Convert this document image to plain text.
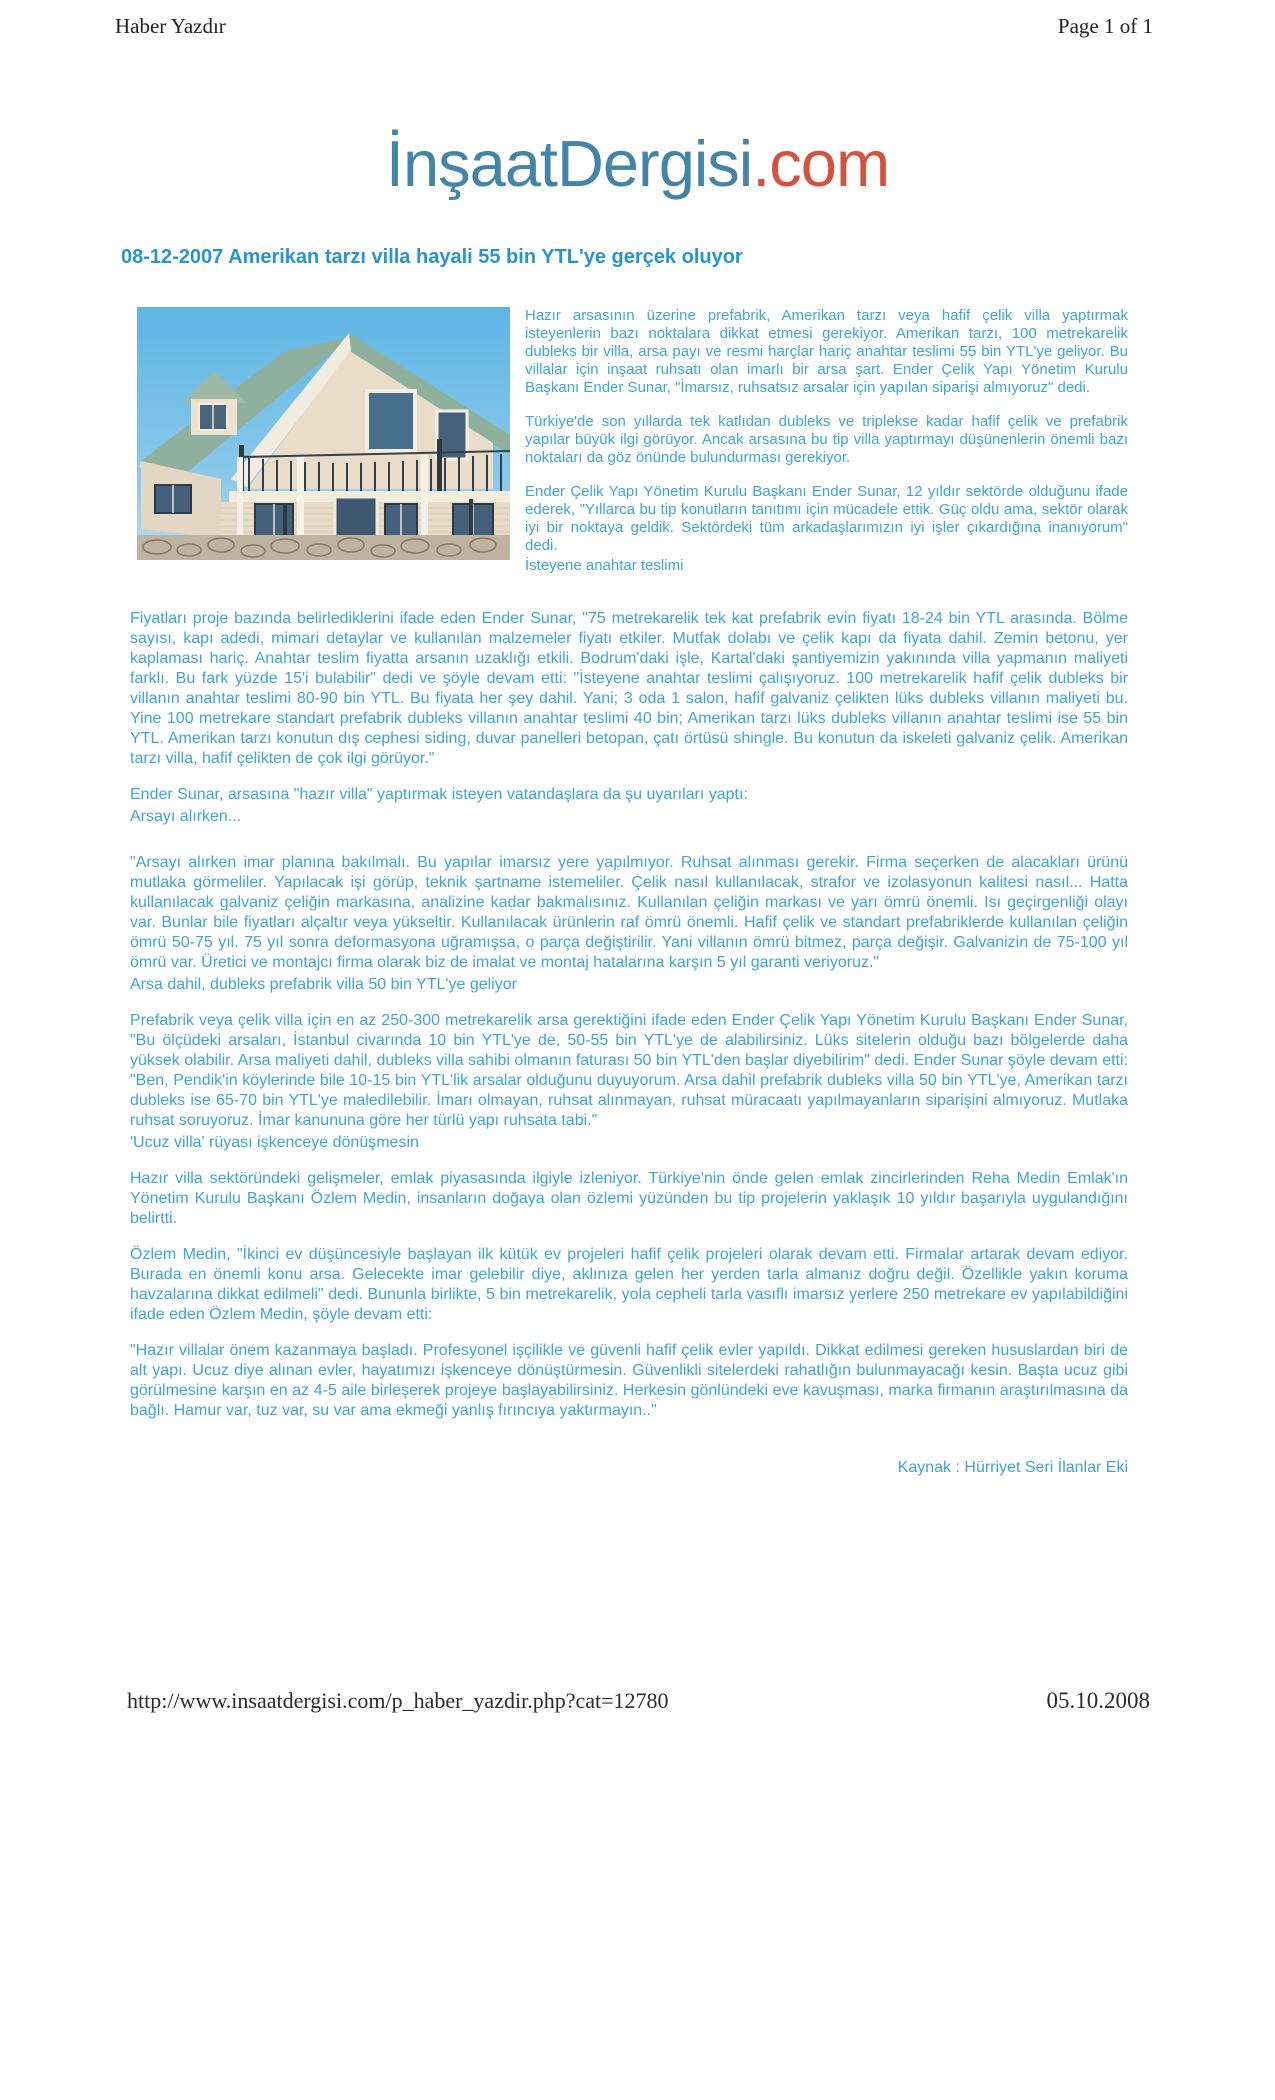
Haber Yazdır	Page 1 of 1
İnşaatDergisi.com
08-12-2007 Amerikan tarzı villa hayali 55 bin YTL'ye gerçek oluyor

Hazır arsasının üzerine prefabrik, Amerikan tarzı veya hafif çelik villa yaptırmak isteyenlerin bazı noktalara dikkat etmesi gerekiyor. Amerikan tarzı, 100 metrekarelik dubleks bir villa, arsa payı ve resmi harçlar hariç anahtar teslimi 55 bin YTL'ye geliyor. Bu villalar için inşaat ruhsatı olan imarlı bir arsa şart. Ender Çelik Yapı Yönetim Kurulu Başkanı Ender Sunar, "İmarsız, ruhsatsız arsalar için yapılan siparişi almıyoruz" dedi.

Türkiye'de son yıllarda tek katlıdan dubleks ve triplekse kadar hafif çelik ve prefabrik yapılar büyük ilgi görüyor. Ancak arsasına bu tip villa yaptırmayı düşünenlerin önemli bazı noktaları da göz önünde bulundurması gerekiyor.

Ender Çelik Yapı Yönetim Kurulu Başkanı Ender Sunar, 12 yıldır sektörde olduğunu ifade ederek, "Yıllarca bu tip konutların tanıtımı için mücadele ettik. Güç oldu ama, sektör olarak iyi bir noktaya geldik. Sektördeki tüm arkadaşlarımızın iyi işler çıkardığına inanıyorum" dedi.

İsteyene anahtar teslimi

Fiyatları proje bazında belirlediklerini ifade eden Ender Sunar, "75 metrekarelik tek kat prefabrik evin fiyatı 18-24 bin YTL arasında. Bölme sayısı, kapı adedi, mimari detaylar ve kullanılan malzemeler fiyatı etkiler. Mutfak dolabı ve çelik kapı da fiyata dahil. Zemin betonu, yer kaplaması hariç. Anahtar teslim fiyatta arsanın uzaklığı etkili. Bodrum'daki işle, Kartal'daki şantiyemizin yakınında villa yapmanın maliyeti farklı. Bu fark yüzde 15'i bulabilir" dedi ve şöyle devam etti: "İsteyene anahtar teslimi çalışıyoruz. 100 metrekarelik hafif çelik dubleks bir villanın anahtar teslimi 80-90 bin YTL. Bu fiyata her şey dahil. Yani; 3 oda 1 salon, hafif galvaniz çelikten lüks dubleks villanın maliyeti bu. Yine 100 metrekare standart prefabrik dubleks villanın anahtar teslimi 40 bin; Amerikan tarzı lüks dubleks villanın anahtar teslimi ise 55 bin YTL. Amerikan tarzı konutun dış cephesi siding, duvar panelleri betopan, çatı örtüsü shingle. Bu konutun da iskeleti galvaniz çelik. Amerikan tarzı villa, hafif çelikten de çok ilgi görüyor."

Ender Sunar, arsasına "hazır villa" yaptırmak isteyen vatandaşlara da şu uyarıları yaptı:

Arsayı alırken...

"Arsayı alırken imar planına bakılmalı. Bu yapılar imarsız yere yapılmıyor. Ruhsat alınması gerekir. Firma seçerken de alacakları ürünü mutlaka görmeliler. Yapılacak işi görüp, teknik şartname istemeliler. Çelik nasıl kullanılacak, strafor ve izolasyonun kalitesi nasıl... Hatta kullanılacak galvaniz çeliğin markasına, analizine kadar bakmalısınız. Kullanılan çeliğin markası ve yarı ömrü önemli. Isı geçirgenliği olayı var. Bunlar bile fiyatları alçaltır veya yükseltir. Kullanılacak ürünlerin raf ömrü önemli. Hafif çelik ve standart prefabriklerde kullanılan çeliğin ömrü 50-75 yıl. 75 yıl sonra deformasyona uğramışsa, o parça değiştirilir. Yani villanın ömrü bitmez, parça değişir. Galvanizin de 75-100 yıl ömrü var. Üretici ve montajcı firma olarak biz de imalat ve montaj hatalarına karşın 5 yıl garanti veriyoruz."

Arsa dahil, dubleks prefabrik villa 50 bin YTL'ye geliyor

Prefabrik veya çelik villa için en az 250-300 metrekarelik arsa gerektiğini ifade eden Ender Çelik Yapı Yönetim Kurulu Başkanı Ender Sunar, "Bu ölçüdeki arsaları, İstanbul civarında 10 bin YTL'ye de, 50-55 bin YTL'ye de alabilirsiniz. Lüks sitelerin olduğu bazı bölgelerde daha yüksek olabilir. Arsa maliyeti dahil, dubleks villa sahibi olmanın faturası 50 bin YTL'den başlar diyebilirim" dedi. Ender Sunar şöyle devam etti: "Ben, Pendik'in köylerinde bile 10-15 bin YTL'lik arsalar olduğunu duyuyorum. Arsa dahil prefabrik dubleks villa 50 bin YTL'ye, Amerikan tarzı dubleks ise 65-70 bin YTL'ye maledilebilir. İmarı olmayan, ruhsat alınmayan, ruhsat müracaatı yapılmayanların siparişini almıyoruz. Mutlaka ruhsat soruyoruz. İmar kanununa göre her türlü yapı ruhsata tabi."

'Ucuz villa' rüyası işkenceye dönüşmesin

Hazır villa sektöründeki gelişmeler, emlak piyasasında ilgiyle izleniyor. Türkiye'nin önde gelen emlak zincirlerinden Reha Medin Emlak'ın Yönetim Kurulu Başkanı Özlem Medin, insanların doğaya olan özlemi yüzünden bu tip projelerin yaklaşık 10 yıldır başarıyla uygulandığını belirtti.

Özlem Medin, "İkinci ev düşüncesiyle başlayan ilk kütük ev projeleri hafif çelik projeleri olarak devam etti. Firmalar artarak devam ediyor. Burada en önemli konu arsa. Gelecekte imar gelebilir diye, aklınıza gelen her yerden tarla almanız doğru değil. Özellikle yakın koruma havzalarına dikkat edilmeli" dedi. Bununla birlikte, 5 bin metrekarelik, yola cepheli tarla vasıflı imarsız yerlere 250 metrekare ev yapılabildiğini ifade eden Özlem Medin, şöyle devam etti:

"Hazır villalar önem kazanmaya başladı. Profesyonel işçilikle ve güvenli hafif çelik evler yapıldı. Dikkat edilmesi gereken hususlardan biri de alt yapı. Ucuz diye alınan evler, hayatımızı işkenceye dönüştürmesin. Güvenlikli sitelerdeki rahatlığın bulunmayacağı kesin. Başta ucuz gibi görülmesine karşın en az 4-5 aile birleşerek projeye başlayabilirsiniz. Herkesin gönlündeki eve kavuşması, marka firmanın araştırılmasına da bağlı. Hamur var, tuz var, su var ama ekmeği yanlış fırıncıya yaktırmayın.."

Kaynak : Hürriyet Seri İlanlar Eki
http://www.insaatdergisi.com/p_haber_yazdir.php?cat=12780	05.10.2008
